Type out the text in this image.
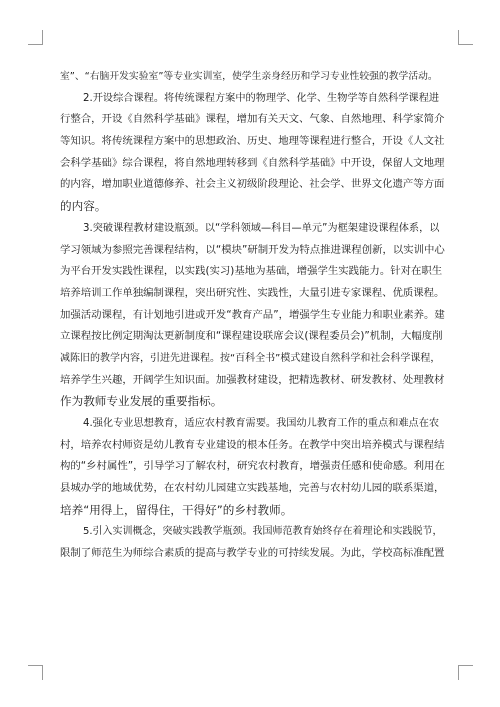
室”、“右脑开发实验室”等专业实训室，使学生亲身经历和学习专业性较强的教学活动。
2.开设综合课程。将传统课程方案中的物理学、化学、生物学等自然科学课程进
行整合，开设《自然科学基础》课程，增加有关天文、气象、自然地理、科学家简介
等知识。将传统课程方案中的思想政治、历史、地理等课程进行整合，开设《人文社
会科学基础》综合课程，将自然地理转移到《自然科学基础》中开设，保留人文地理
的内容，增加职业道德修养、社会主义初级阶段理论、社会学、世界文化遗产等方面
的内容。
3.突破课程教材建设瓶颈。以“学科领域—科目—单元”为框架建设课程体系，以
学习领域为参照完善课程结构，以“模块”研制开发为特点推进课程创新，以实训中心
为平台开发实践性课程，以实践(实习)基地为基础，增强学生实践能力。针对在职生
培养培训工作单独编制课程，突出研究性、实践性，大量引进专家课程、优质课程。
加强活动课程，有计划地引进或开发“教育产品”，增强学生专业能力和职业素养。建
立课程按比例定期淘汰更新制度和“课程建设联席会议(课程委员会)”机制，大幅度削
减陈旧的教学内容，引进先进课程。按“百科全书”模式建设自然科学和社会科学课程，
培养学生兴趣，开阔学生知识面。加强教材建设，把精选教材、研发教材、处理教材
作为教师专业发展的重要指标。
4.强化专业思想教育，适应农村教育需要。我国幼儿教育工作的重点和难点在农
村，培养农村师资是幼儿教育专业建设的根本任务。在教学中突出培养模式与课程结
构的“乡村属性”，引导学习了解农村，研究农村教育，增强责任感和使命感。利用在
县城办学的地域优势，在农村幼儿园建立实践基地，完善与农村幼儿园的联系渠道，
培养“用得上，留得住，干得好”的乡村教师。
5.引入实训概念，突破实践教学瓶颈。我国师范教育始终存在着理论和实践脱节，
限制了师范生为师综合素质的提高与教学专业的可持续发展。为此，学校高标准配置
